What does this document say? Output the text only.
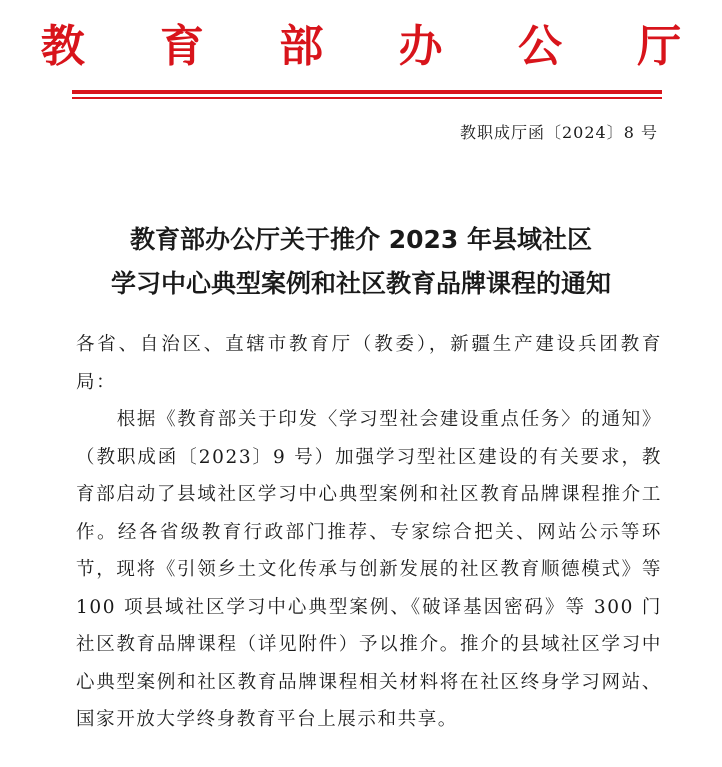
教 育 部 办 公 厅
教职成厅函〔2024〕8 号
教育部办公厅关于推介 2023 年县域社区
学习中心典型案例和社区教育品牌课程的通知

各省、自治区、直辖市教育厅（教委），新疆生产建设兵团教育局：

根据《教育部关于印发〈学习型社会建设重点任务〉的通知》（教职成函〔2023〕9 号）加强学习型社区建设的有关要求，教育部启动了县域社区学习中心典型案例和社区教育品牌课程推介工作。经各省级教育行政部门推荐、专家综合把关、网站公示等环节，现将《引领乡土文化传承与创新发展的社区教育顺德模式》等 100 项县域社区学习中心典型案例、《破译基因密码》等 300 门社区教育品牌课程（详见附件）予以推介。推介的县域社区学习中心典型案例和社区教育品牌课程相关材料将在社区终身学习网站、国家开放大学终身教育平台上展示和共享。
